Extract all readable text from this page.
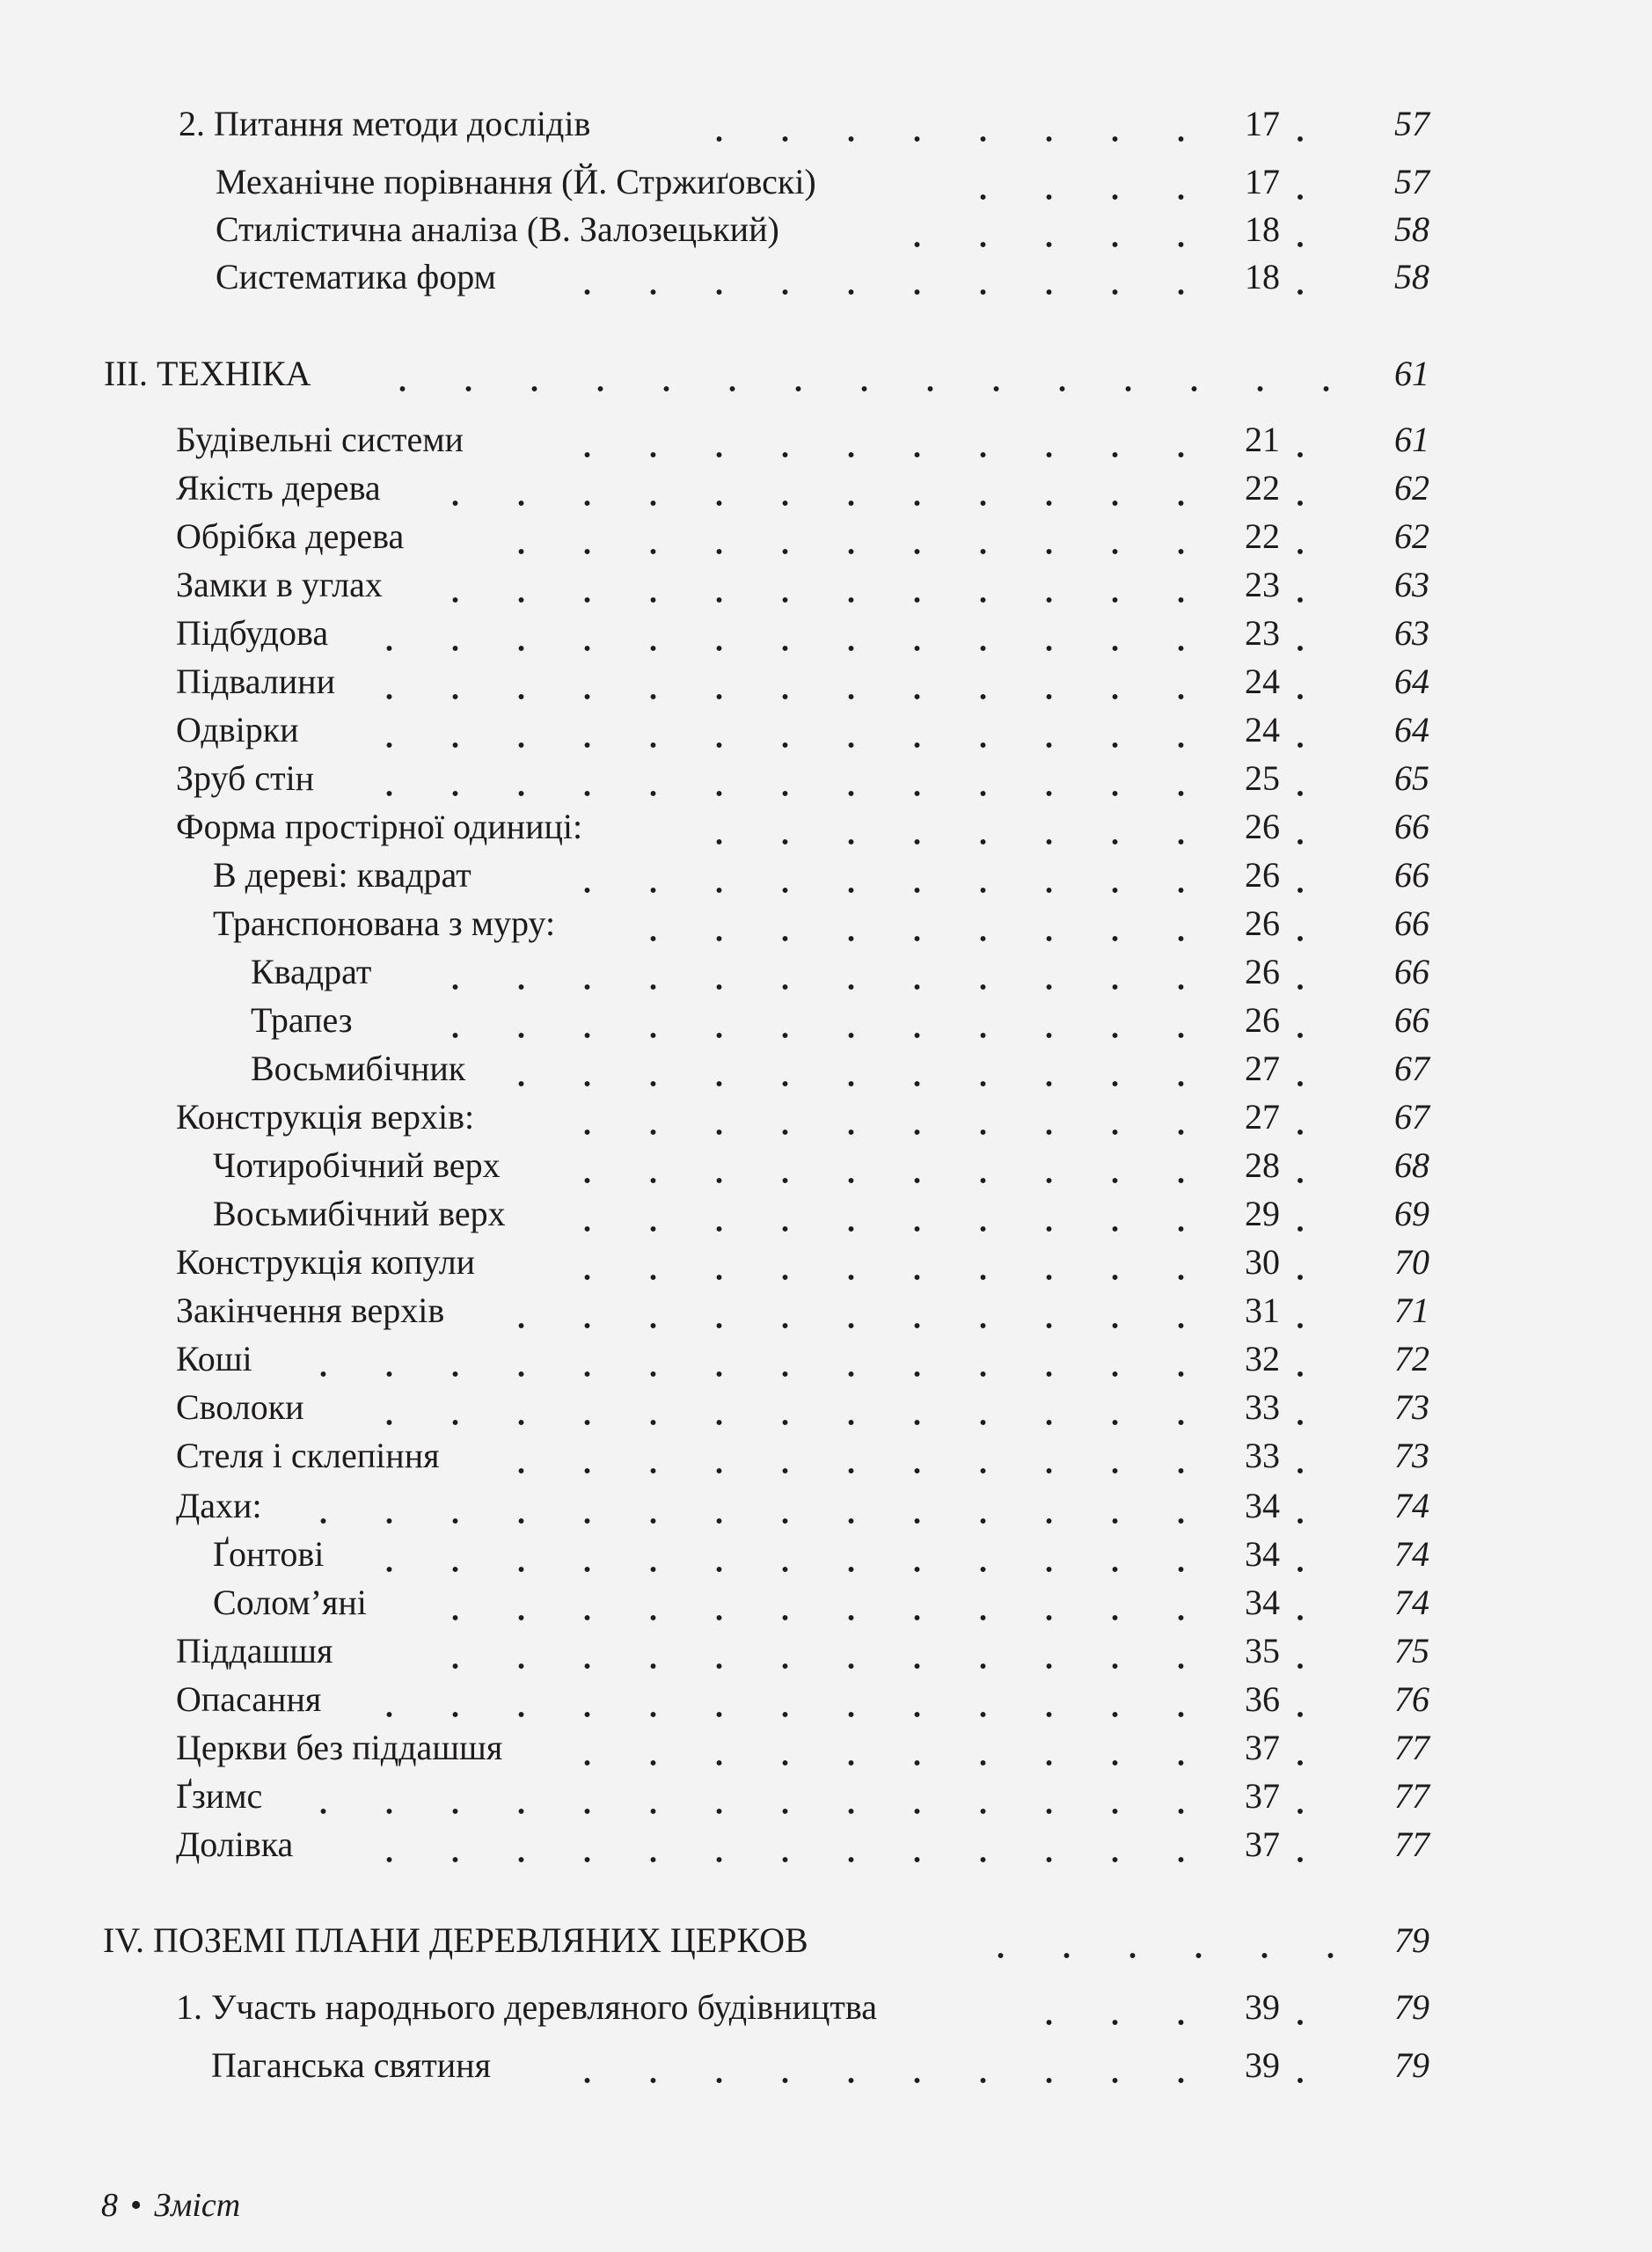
2. Питання методи дослідів	17	57
Механічне порівнання (Й. Стржиґовскі)	17	57
Стилістична аналіза (В. Залозецький)	18	58
Систематика форм	18	58
III. ТЕХНІКА	61
Будівельні системи	21	61
Якість дерева	22	62
Обрібка дерева	22	62
Замки в углах	23	63
Підбудова	23	63
Підвалини	24	64
Одвірки	24	64
Зруб стін	25	65
Форма простірної одиниці:	26	66
В дереві: квадрат	26	66
Транспонована з муру:	26	66
Квадрат	26	66
Трапез	26	66
Восьмибічник	27	67
Конструкція верхів:	27	67
Чотиробічний верх	28	68
Восьмибічний верх	29	69
Конструкція копули	30	70
Закінчення верхів	31	71
Коші	32	72
Сволоки	33	73
Стеля і склепіння	33	73
Дахи:	34	74
Ґонтові	34	74
Солом’яні	34	74
Піддашшя	35	75
Опасання	36	76
Церкви без піддашшя	37	77
Ґзимс	37	77
Долівка	37	77
IV. ПОЗЕМІ ПЛАНИ ДЕРЕВЛЯНИХ ЦЕРКОВ	79
1. Участь народнього деревляного будівництва	39	79
Паганська святиня	39	79
8 • Зміст
